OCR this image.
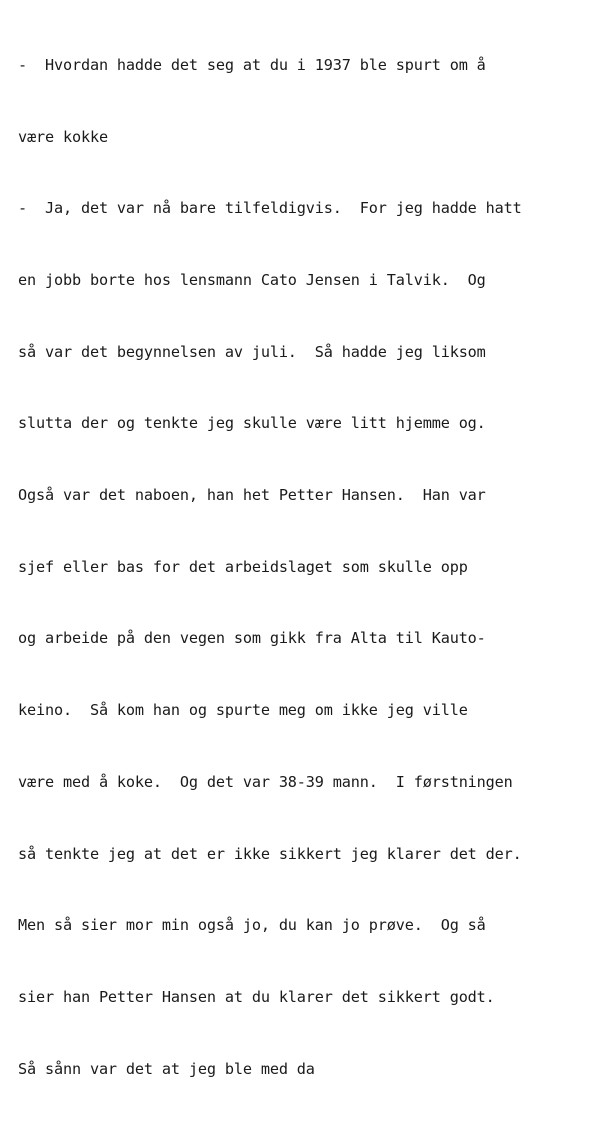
-  Hvordan hadde det seg at du i 1937 ble spurt om å

være kokke

-  Ja, det var nå bare tilfeldigvis.  For jeg hadde hatt

en jobb borte hos lensmann Cato Jensen i Talvik.  Og

så var det begynnelsen av juli.  Så hadde jeg liksom

slutta der og tenkte jeg skulle være litt hjemme og.

Også var det naboen, han het Petter Hansen.  Han var

sjef eller bas for det arbeidslaget som skulle opp

og arbeide på den vegen som gikk fra Alta til Kauto-

keino.  Så kom han og spurte meg om ikke jeg ville

være med å koke.  Og det var 38-39 mann.  I førstningen

så tenkte jeg at det er ikke sikkert jeg klarer det der.

Men så sier mor min også jo, du kan jo prøve.  Og så

sier han Petter Hansen at du klarer det sikkert godt.

Så sånn var det at jeg ble med da
